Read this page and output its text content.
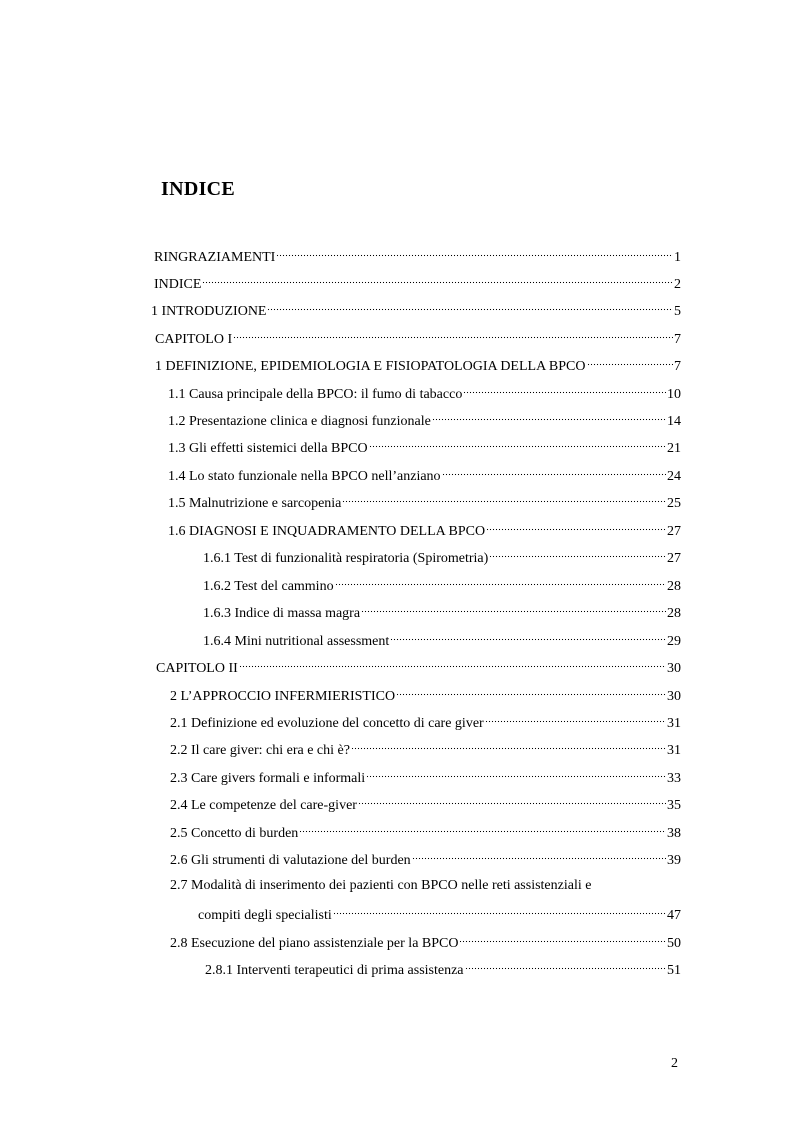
INDICE
RINGRAZIAMENTI	1
INDICE	2
1 INTRODUZIONE	5
CAPITOLO I	7
1 DEFINIZIONE, EPIDEMIOLOGIA E FISIOPATOLOGIA DELLA BPCO	7
1.1 Causa principale della BPCO: il fumo di tabacco	10
1.2 Presentazione clinica e diagnosi funzionale	14
1.3 Gli effetti sistemici della BPCO	21
1.4 Lo stato funzionale nella BPCO nell’anziano	24
1.5 Malnutrizione e sarcopenia	25
1.6 DIAGNOSI E INQUADRAMENTO DELLA BPCO	27
1.6.1 Test di funzionalità respiratoria (Spirometria)	27
1.6.2 Test del cammino	28
1.6.3 Indice di massa magra	28
1.6.4 Mini nutritional assessment	29
CAPITOLO II	30
2 L’APPROCCIO INFERMIERISTICO	30
2.1 Definizione ed evoluzione del concetto di care giver	31
2.2 Il care giver: chi era e chi è?	31
2.3 Care givers formali e informali	33
2.4 Le competenze del care-giver	35
2.5 Concetto di burden	38
2.6 Gli strumenti di valutazione del burden	39
2.7 Modalità di inserimento dei pazienti con BPCO nelle reti assistenziali e
compiti degli specialisti	47
2.8 Esecuzione del piano assistenziale per la BPCO	50
2.8.1 Interventi terapeutici di prima assistenza	51
2
